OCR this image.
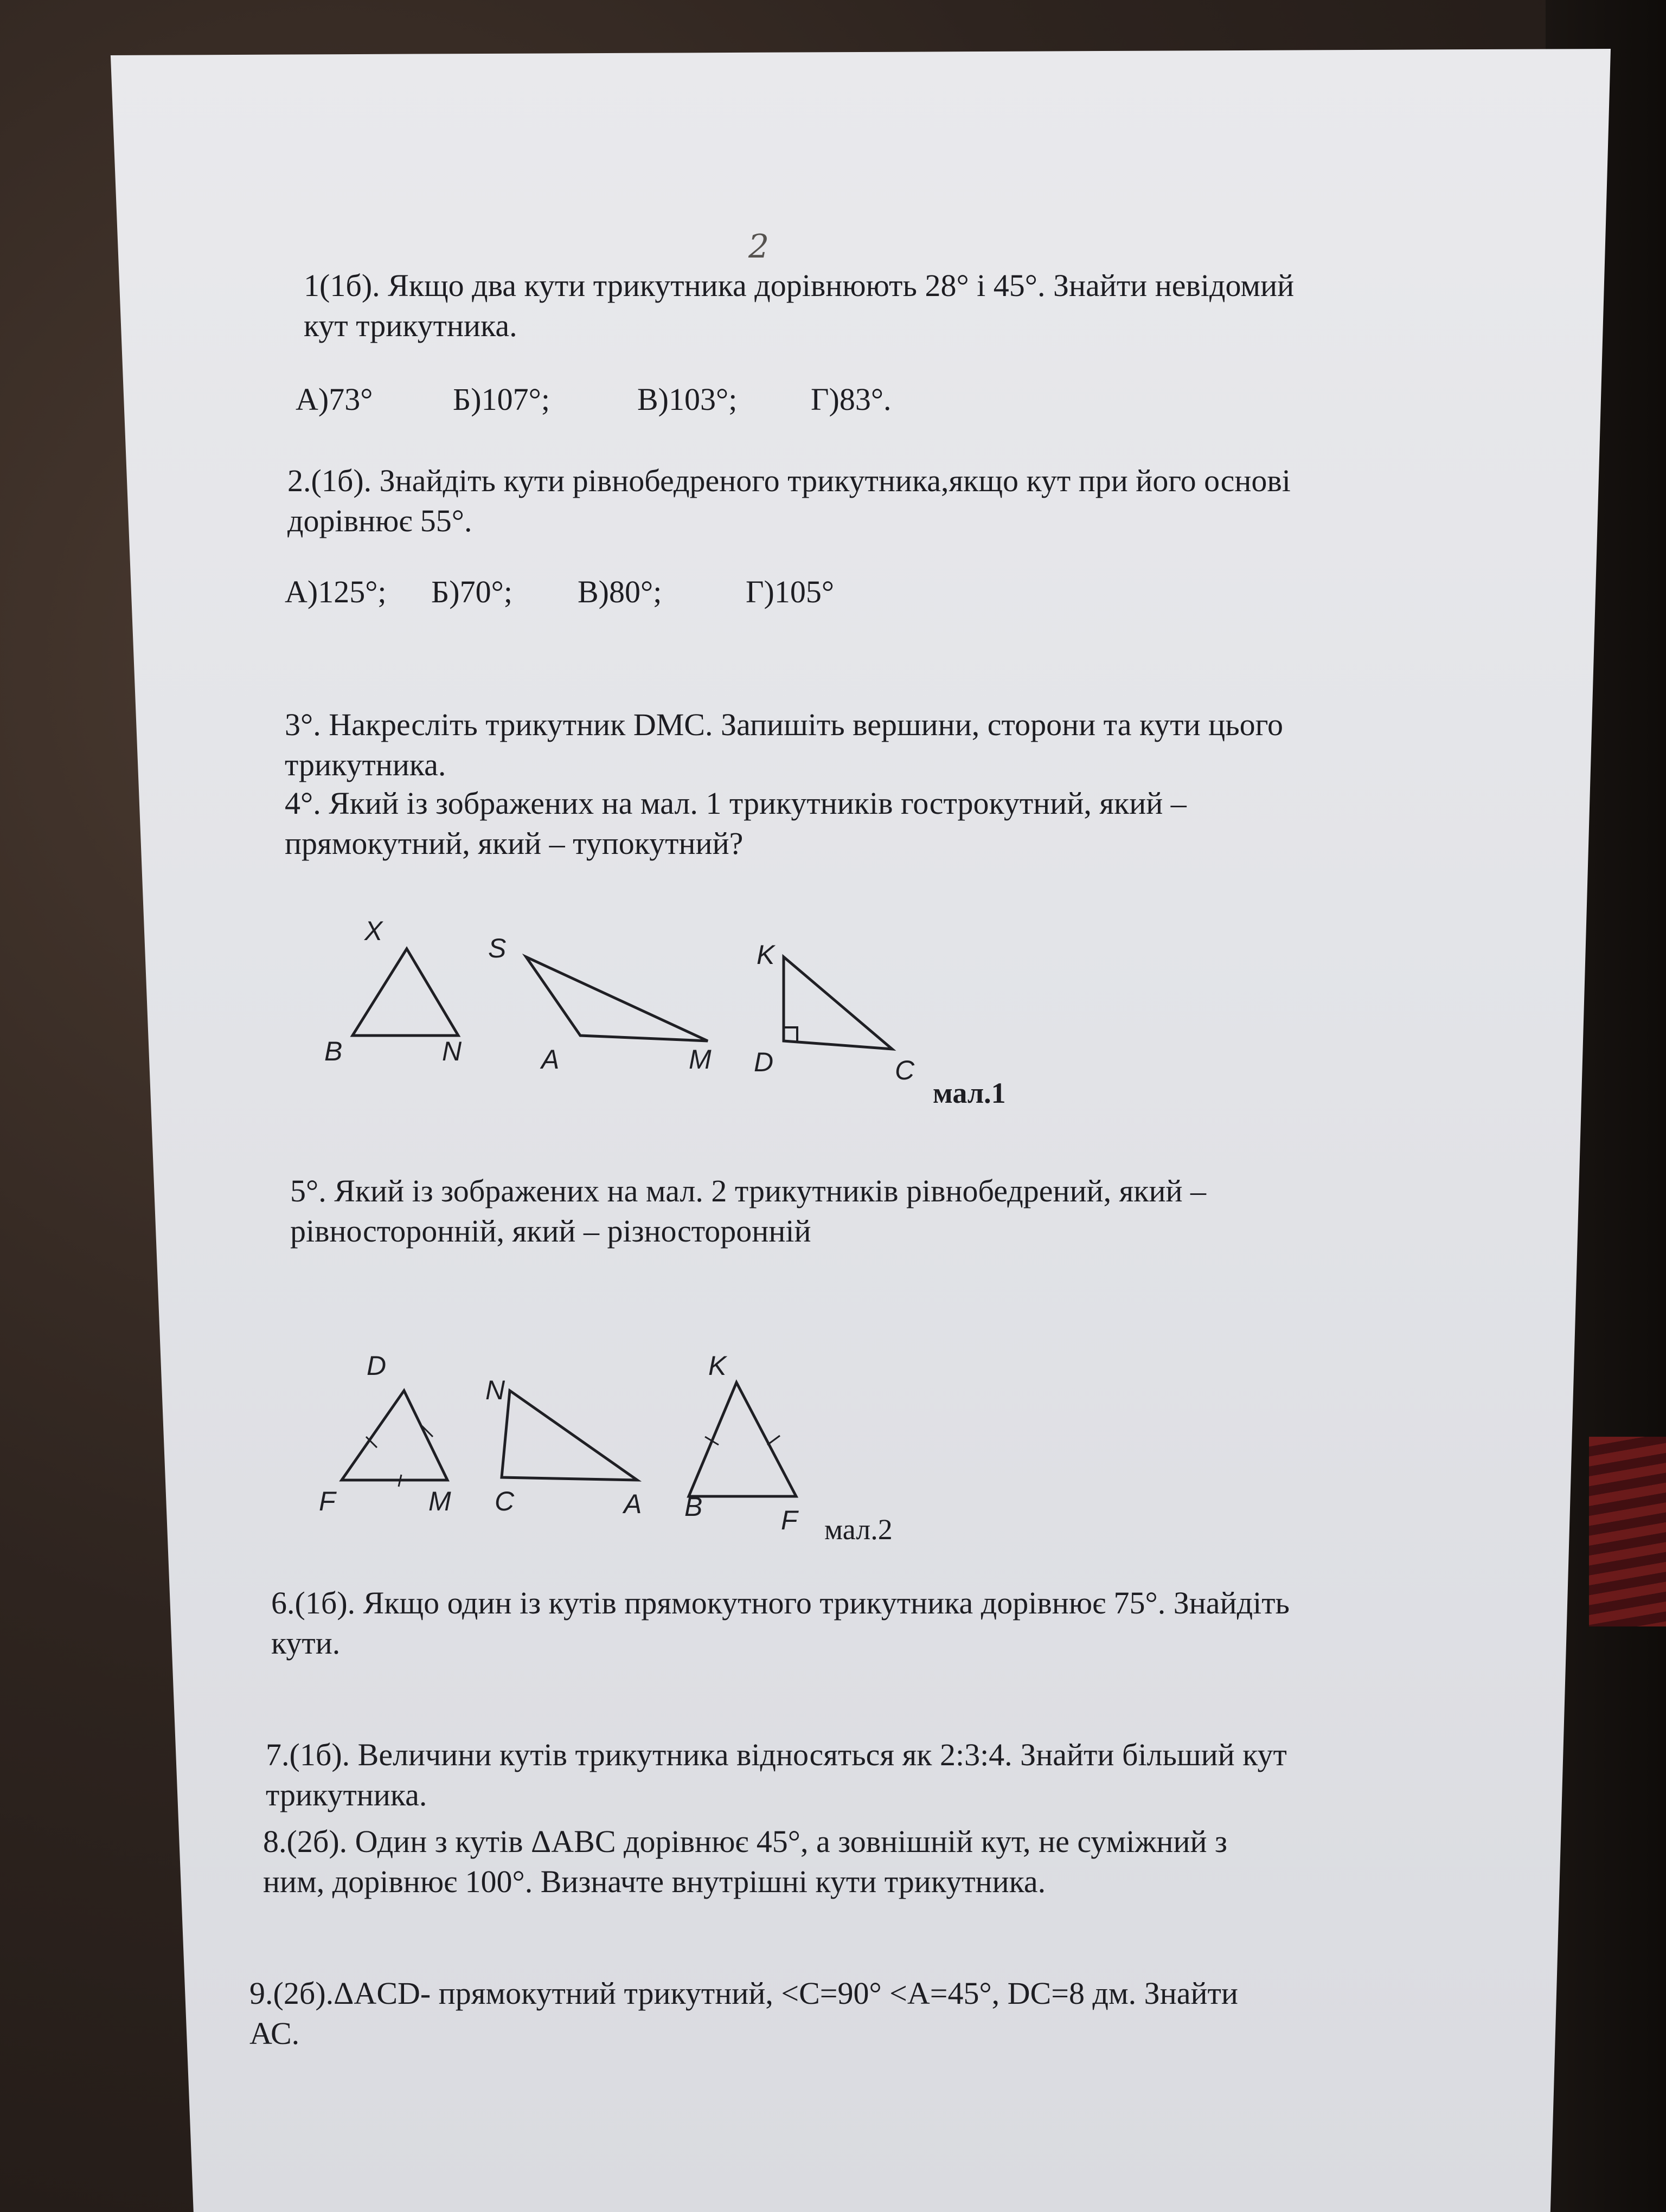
2

1(1б). Якщо два кути трикутника дорівнюють 28° і 45°. Знайти невідомий
кут трикутника.

А)73°	Б)107°;	В)103°; Г)83°.

2.(1б). Знайдіть кути рівнобедреного трикутника,якщо кут при його основі
дорівнює 55°.

А)125°; Б)70°; В)80°;	Г)105°

3°. Накресліть трикутник DMC. Запишіть вершини, сторони та кути цього
трикутника.

4°. Який із зображених на мал. 1 трикутників гострокутний, який –
прямокутний, який – тупокутний?

X
B	N
S
A	M
K
D	C
мал.1

5°. Який із зображених на мал. 2 трикутників рівнобедрений, який –
рівносторонній, який – різносторонній

D
F	M
N
C	A
K
B	F мал.2

6.(1б). Якщо один із кутів прямокутного трикутника дорівнює 75°. Знайдіть
кути.

7.(1б). Величини кутів трикутника відносяться як 2:3:4. Знайти більший кут
трикутника.

8.(2б). Один з кутів ΔАВС дорівнює 45°, а зовнішній кут, не суміжний з
ним, дорівнює 100°. Визначте внутрішні кути трикутника.

9.(2б).ΔACD- прямокутний трикутний, <С=90° <А=45°, DC=8 дм. Знайти
АС.
